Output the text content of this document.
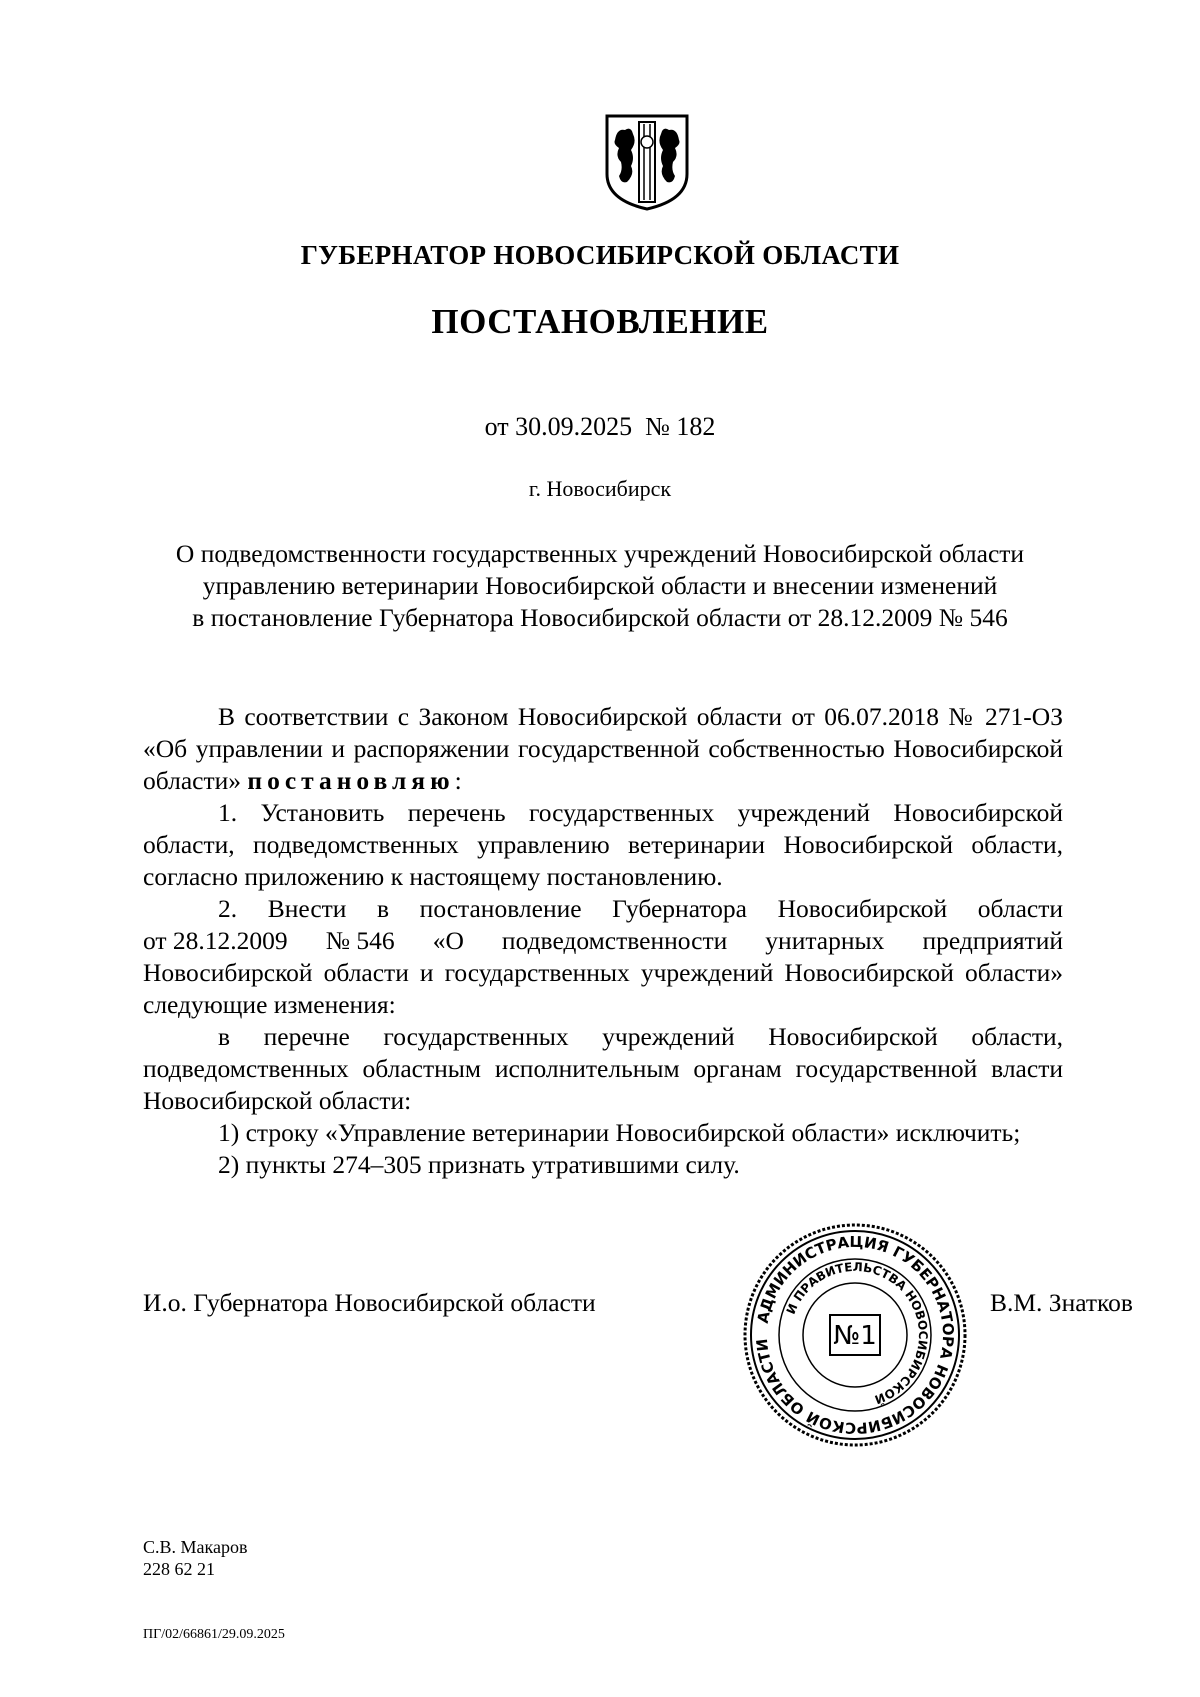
ГУБЕРНАТОР НОВОСИБИРСКОЙ ОБЛАСТИ
ПОСТАНОВЛЕНИЕ
от 30.09.2025  № 182
г. Новосибирск
О подведомственности государственных учреждений Новосибирской области
управлению ветеринарии Новосибирской области и внесении изменений
в постановление Губернатора Новосибирской области от 28.12.2009 № 546
В соответствии с Законом Новосибирской области от 06.07.2018 № 271-ОЗ
«Об управлении и распоряжении государственной собственностью Новосибирской
области» постановляю:
1. Установить перечень государственных учреждений Новосибирской
области, подведомственных управлению ветеринарии Новосибирской области,
согласно приложению к настоящему постановлению.
2. Внести в постановление Губернатора Новосибирской области
от 28.12.2009 № 546 «О подведомственности унитарных предприятий
Новосибирской области и государственных учреждений Новосибирской области»
следующие изменения:
в перечне государственных учреждений Новосибирской области,
подведомственных областным исполнительным органам государственной власти
Новосибирской области:
1) строку «Управление ветеринарии Новосибирской области» исключить;
2) пункты 274–305 признать утратившими силу.
И.о. Губернатора Новосибирской области	В.М. Знатков
АДМИНИСТРАЦИЯ ГУБЕРНАТОРА НОВОСИБИРСКОЙ ОБЛАСТИ
И ПРАВИТЕЛЬСТВА НОВОСИБИРСКОЙ
№1
С.В. Макаров
228 62 21
ПГ/02/66861/29.09.2025
